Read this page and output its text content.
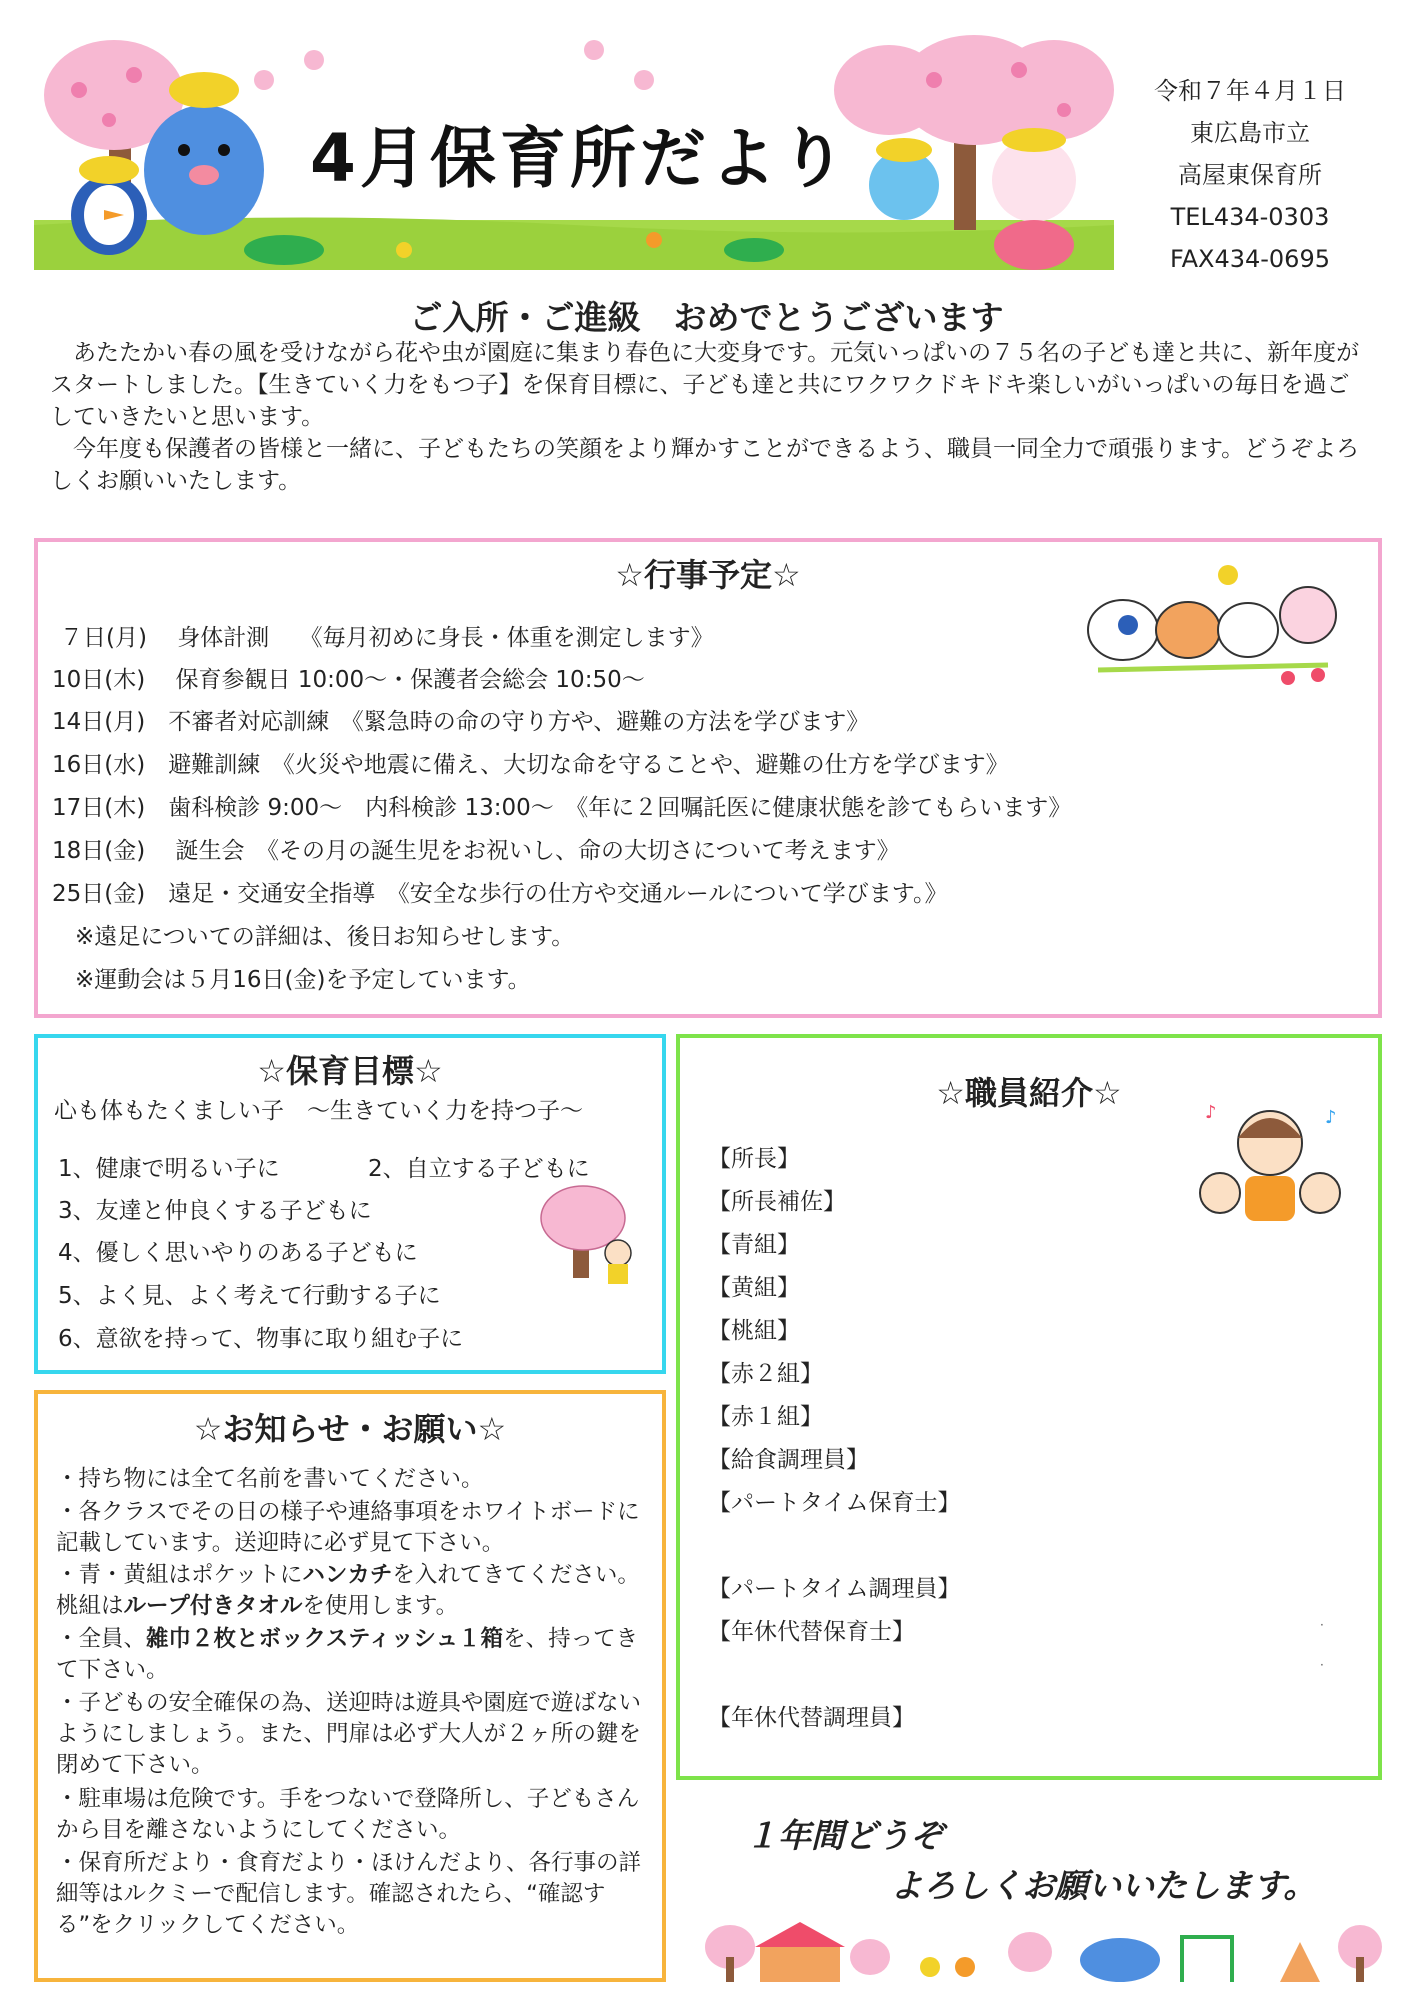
4月保育所だより
令和７年４月１日
東広島市立
高屋東保育所
TEL434-0303
FAX434-0695
ご入所・ご進級　おめでとうございます

　あたたかい春の風を受けながら花や虫が園庭に集まり春色に大変身です。元気いっぱいの７５名の子ども達と共に、新年度がスタートしました。【生きていく力をもつ子】を保育目標に、子ども達と共にワクワクドキドキ楽しいがいっぱいの毎日を過ごしていきたいと思います。

　今年度も保護者の皆様と一緒に、子どもたちの笑顔をより輝かすことができるよう、職員一同全力で頑張ります。どうぞよろしくお願いいたします。

☆行事予定☆
７日(月)　 身体計測　 《毎月初めに身長・体重を測定します》
10日(木)　 保育参観日 10:00～・保護者会総会 10:50～
14日(月)　不審者対応訓練　《緊急時の命の守り方や、避難の方法を学びます》
16日(水)　避難訓練　《火災や地震に備え、大切な命を守ることや、避難の仕方を学びます》
17日(木)　歯科検診 9:00～　内科検診 13:00～　《年に２回嘱託医に健康状態を診てもらいます》
18日(金)　 誕生会　《その月の誕生児をお祝いし、命の大切さについて考えます》
25日(金)　遠足・交通安全指導　《安全な歩行の仕方や交通ルールについて学びます。》
　※遠足についての詳細は、後日お知らせします。
　※運動会は５月16日(金)を予定しています。
☆保育目標☆
心も体もたくましい子　～生きていく力を持つ子～
1、健康で明るい子に	2、自立する子どもに
3、友達と仲良くする子どもに
4、優しく思いやりのある子どもに
5、よく見、よく考えて行動する子に
6、意欲を持って、物事に取り組む子に
☆職員紹介☆
♪	♪
【所長】
【所長補佐】
【青組】
【黄組】
【桃組】
【赤２組】
【赤１組】
【給食調理員】
【パートタイム保育士】
【パートタイム調理員】
【年休代替保育士】
【年休代替調理員】
·
·
☆お知らせ・お願い☆
・持ち物には全て名前を書いてください。
・各クラスでその日の様子や連絡事項をホワイトボードに記載しています。送迎時に必ず見て下さい。
・青・黄組はポケットにハンカチを入れてきてください。桃組はループ付きタオルを使用します。
・全員、雑巾２枚とボックスティッシュ１箱を、持ってきて下さい。
・子どもの安全確保の為、送迎時は遊具や園庭で遊ばないようにしましょう。また、門扉は必ず大人が２ヶ所の鍵を閉めて下さい。
・駐車場は危険です。手をつないで登降所し、子どもさんから目を離さないようにしてください。
・保育所だより・食育だより・ほけんだより、各行事の詳細等はルクミーで配信します。確認されたら、“確認する”をクリックしてください。
１年間どうぞ
よろしくお願いいたします。
